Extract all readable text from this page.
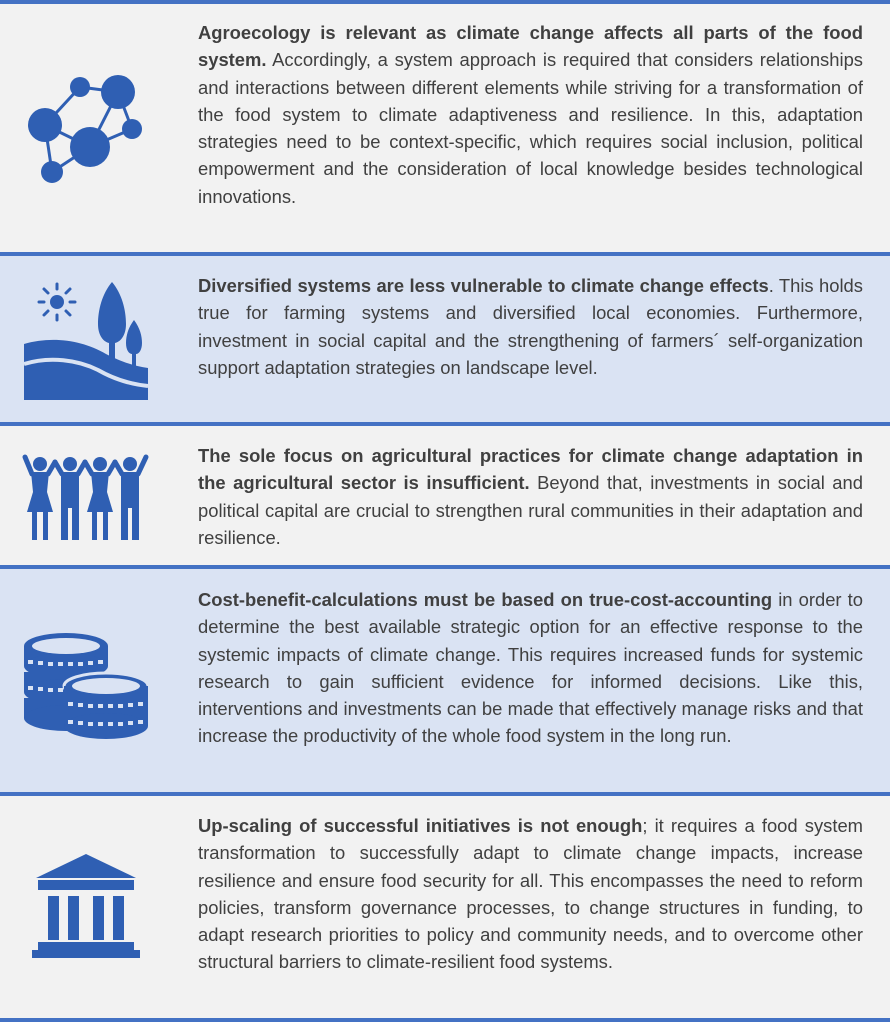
Agroecology is relevant as climate change affects all parts of the food system. Accordingly, a system approach is required that considers relationships and interactions between different elements while striving for a transformation of the food system to climate adaptiveness and resilience. In this, adaptation strategies need to be context-specific, which requires social inclusion, political empowerment and the consideration of local knowledge besides technological innovations.
Diversified systems are less vulnerable to climate change effects. This holds true for farming systems and diversified local economies. Furthermore, investment in social capital and the strengthening of farmers´ self-organization support adaptation strategies on landscape level.
The sole focus on agricultural practices for climate change adaptation in the agricultural sector is insufficient. Beyond that, investments in social and political capital are crucial to strengthen rural communities in their adaptation and resilience.
Cost-benefit-calculations must be based on true-cost-accounting in order to determine the best available strategic option for an effective response to the systemic impacts of climate change. This requires increased funds for systemic research to gain sufficient evidence for informed decisions. Like this, interventions and investments can be made that effectively manage risks and that increase the productivity of the whole food system in the long run.
Up-scaling of successful initiatives is not enough; it requires a food system transformation to successfully adapt to climate change impacts, increase resilience and ensure food security for all. This encompasses the need to reform policies, transform governance processes, to change structures in funding, to adapt research priorities to policy and community needs, and to overcome other structural barriers to climate-resilient food systems.
